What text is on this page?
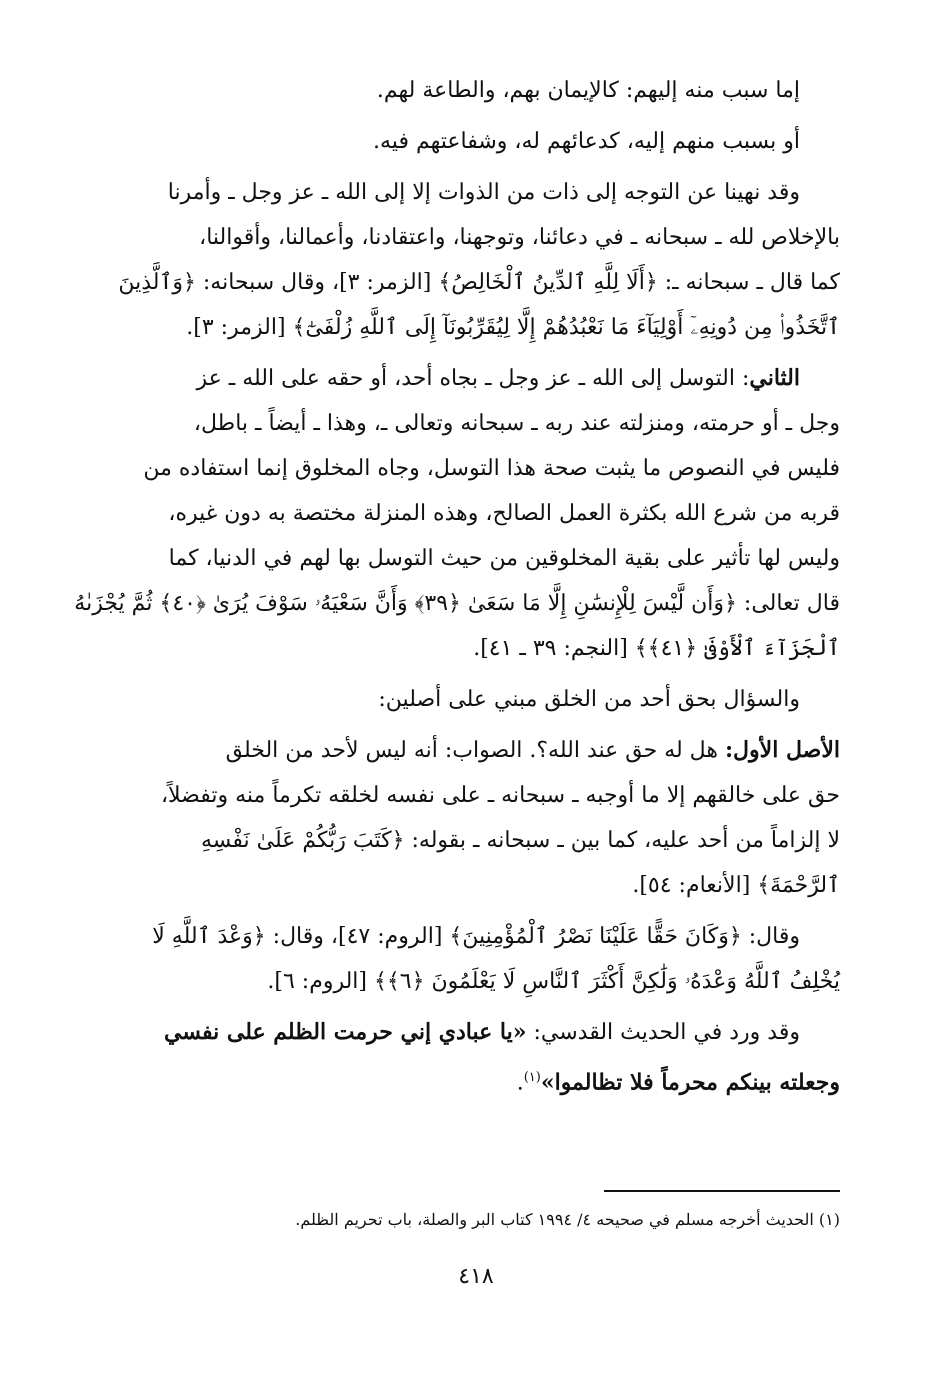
إما سبب منه إليهم: كالإيمان بهم، والطاعة لهم.

أو بسبب منهم إليه، كدعائهم له، وشفاعتهم فيه.

وقد نهينا عن التوجه إلى ذات من الذوات إلا إلى الله ـ عز وجل ـ وأمرنا

بالإخلاص لله ـ سبحانه ـ في دعائنا، وتوجهنا، واعتقادنا، وأعمالنا، وأقوالنا،

كما قال ـ سبحانه ـ: ﴿أَلَا لِلَّهِ ٱلدِّينُ ٱلْخَالِصُ﴾ [الزمر: ٣]، وقال سبحانه: ﴿وَٱلَّذِينَ

ٱتَّخَذُوا۟ مِن دُونِهِۦٓ أَوْلِيَآءَ مَا نَعْبُدُهُمْ إِلَّا لِيُقَرِّبُونَآ إِلَى ٱللَّهِ زُلْفَىٰٓ﴾ [الزمر: ٣].

الثاني: التوسل إلى الله ـ عز وجل ـ بجاه أحد، أو حقه على الله ـ عز

وجل ـ أو حرمته، ومنزلته عند ربه ـ سبحانه وتعالى ـ، وهذا ـ أيضاً ـ باطل،

فليس في النصوص ما يثبت صحة هذا التوسل، وجاه المخلوق إنما استفاده من

قربه من شرع الله بكثرة العمل الصالح، وهذه المنزلة مختصة به دون غيره،

وليس لها تأثير على بقية المخلوقين من حيث التوسل بها لهم في الدنيا، كما

قال تعالى: ﴿وَأَن لَّيْسَ لِلْإِنسَٰنِ إِلَّا مَا سَعَىٰ ﴿٣٩﴾ وَأَنَّ سَعْيَهُۥ سَوْفَ يُرَىٰ ﴿٤٠﴾ ثُمَّ يُجْزَىٰهُ

ٱلْجَزَآءَ ٱلْأَوْفَىٰ ﴿٤١﴾﴾ [النجم: ٣٩ ـ ٤١].

والسؤال بحق أحد من الخلق مبني على أصلين:

الأصل الأول: هل له حق عند الله؟. الصواب: أنه ليس لأحد من الخلق

حق على خالقهم إلا ما أوجبه ـ سبحانه ـ على نفسه لخلقه تكرماً منه وتفضلاً،

لا إلزاماً من أحد عليه، كما بين ـ سبحانه ـ بقوله: ﴿كَتَبَ رَبُّكُمْ عَلَىٰ نَفْسِهِ

ٱلرَّحْمَةَ﴾ [الأنعام: ٥٤].

وقال: ﴿وَكَانَ حَقًّا عَلَيْنَا نَصْرُ ٱلْمُؤْمِنِينَ﴾ [الروم: ٤٧]، وقال: ﴿وَعْدَ ٱللَّهِ لَا

يُخْلِفُ ٱللَّهُ وَعْدَهُۥ وَلَٰكِنَّ أَكْثَرَ ٱلنَّاسِ لَا يَعْلَمُونَ ﴿٦﴾﴾ [الروم: ٦].

وقد ورد في الحديث القدسي: «يا عبادي إني حرمت الظلم على نفسي

وجعلته بينكم محرماً فلا تظالموا»$^{(١)}$.

(١) الحديث أخرجه مسلم في صحيحه ٤/ ١٩٩٤ كتاب البر والصلة، باب تحريم الظلم.
٤١٨
